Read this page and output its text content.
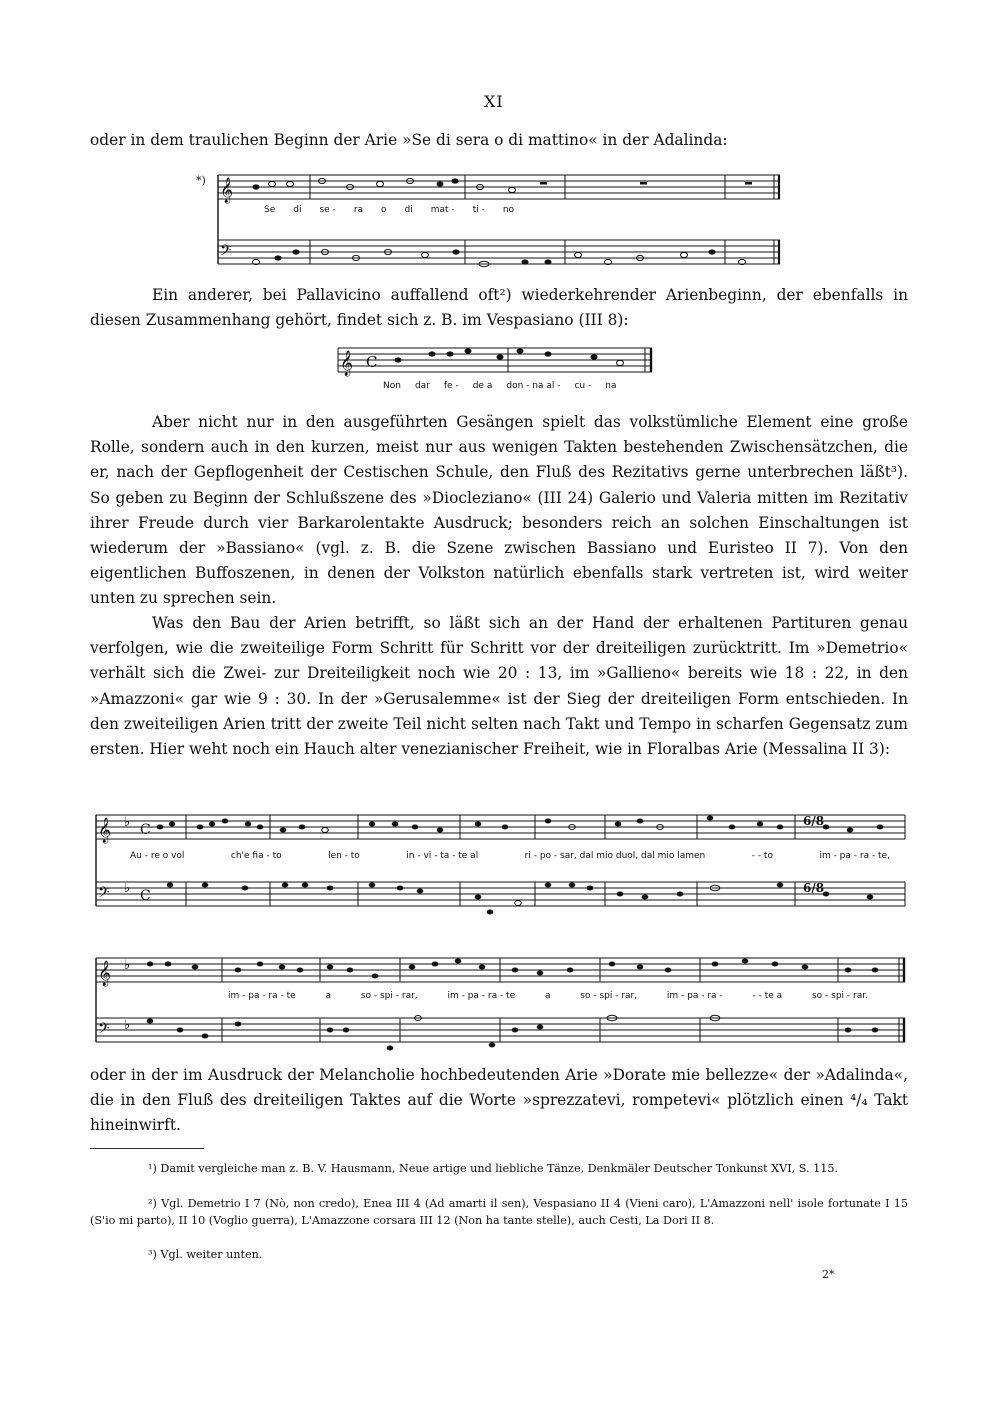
XI
oder in dem traulichen Beginn der Arie »Se di sera o di mattino« in der Adalinda:
𝄞
𝄢
*)
Se di se - ra o di mat - ti - no
Ein anderer, bei Pallavicino auffallend oft²) wiederkehrender Arienbeginn, der ebenfalls in diesen Zusammenhang gehört, findet sich z. B. im Vespasiano (III 8):
𝄞 C
Non dar fe - de a don - na al - cu - na
Aber nicht nur in den ausgeführten Gesängen spielt das volkstümliche Element eine große Rolle, sondern auch in den kurzen, meist nur aus wenigen Takten bestehenden Zwischensätzchen, die er, nach der Gepflogenheit der Cestischen Schule, den Fluß des Rezitativs gerne unterbrechen läßt³). So geben zu Beginn der Schlußszene des »Diocleziano« (III 24) Galerio und Valeria mitten im Rezitativ ihrer Freude durch vier Barkarolentakte Ausdruck; besonders reich an solchen Einschaltungen ist wiederum der »Bassiano« (vgl. z. B. die Szene zwischen Bassiano und Euristeo II 7). Von den eigentlichen Buffoszenen, in denen der Volkston natürlich ebenfalls stark vertreten ist, wird weiter unten zu sprechen sein.
Was den Bau der Arien betrifft, so läßt sich an der Hand der erhaltenen Partituren genau verfolgen, wie die zweiteilige Form Schritt für Schritt vor der dreiteiligen zurücktritt. Im »Demetrio« verhält sich die Zwei- zur Dreiteiligkeit noch wie 20 : 13, im »Gallieno« bereits wie 18 : 22, in den »Amazzoni« gar wie 9 : 30. In der »Gerusalemme« ist der Sieg der dreiteiligen Form entschieden. In den zweiteiligen Arien tritt der zweite Teil nicht selten nach Takt und Tempo in scharfen Gegensatz zum ersten. Hier weht noch ein Hauch alter venezianischer Freiheit, wie in Floralbas Arie (Messalina II 3):
𝄞
𝄢
𝄞
𝄢
♭
♭
♭
♭
C
C
6/8
6/8
Au - re o vol	ch'e fia - to	len - to	in - vi - ta - te al	ri - po - sar, dal mio duol, dal mio lamen	- - to	im - pa - ra - te,
im - pa - ra - te	a	so - spi - rar,	im - pa - ra - te	a	so - spi - rar,	im - pa - ra -	- - te a	so - spi - rar.
oder in der im Ausdruck der Melancholie hochbedeutenden Arie »Dorate mie bellezze« der »Adalinda«, die in den Fluß des dreiteiligen Taktes auf die Worte »sprezzatevi, rompetevi« plötzlich einen ⁴/₄ Takt hineinwirft.
¹) Damit vergleiche man z. B. V. Hausmann, Neue artige und liebliche Tänze, Denkmäler Deutscher Tonkunst XVI, S. 115.
²) Vgl. Demetrio I 7 (Nò, non credo), Enea III 4 (Ad amarti il sen), Vespasiano II 4 (Vieni caro), L'Amazzoni nell' isole fortunate I 15 (S'io mi parto), II 10 (Voglio guerra), L'Amazzone corsara III 12 (Non ha tante stelle), auch Cesti, La Dori II 8.
³) Vgl. weiter unten.
2*
